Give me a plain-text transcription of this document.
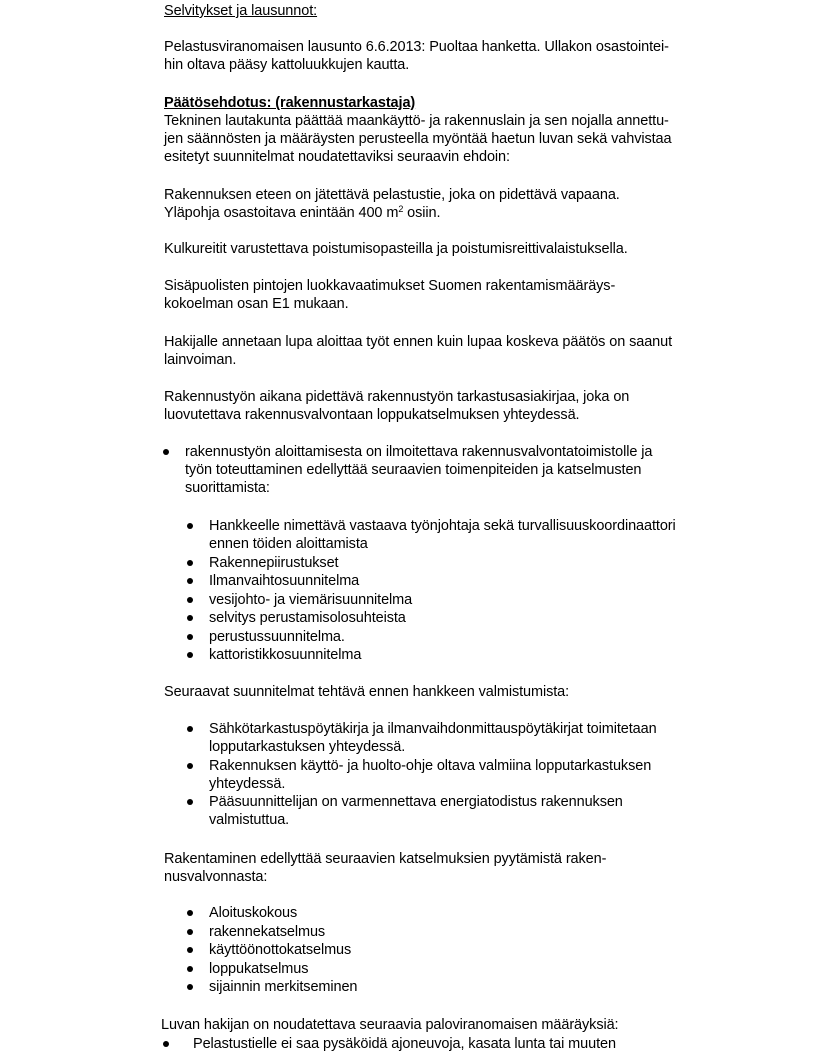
Selvitykset ja lausunnot:
Pelastusviranomaisen lausunto 6.6.2013: Puoltaa hanketta. Ullakon osastointei-
hin oltava pääsy kattoluukkujen kautta.
Päätösehdotus: (rakennustarkastaja)
Tekninen lautakunta päättää maankäyttö- ja rakennuslain ja sen nojalla annettu-
jen säännösten ja määräysten perusteella myöntää haetun luvan sekä vahvistaa
esitetyt suunnitelmat noudatettaviksi seuraavin ehdoin:
Rakennuksen eteen on jätettävä pelastustie, joka on pidettävä vapaana.
Yläpohja osastoitava enintään 400 $m^2$ osiin.
Kulkureitit varustettava poistumisopasteilla ja poistumisreittivalaistuksella.
Sisäpuolisten pintojen luokkavaatimukset Suomen rakentamismääräys-
kokoelman osan E1 mukaan.
Hakijalle annetaan lupa aloittaa työt ennen kuin lupaa koskeva päätös on saanut
lainvoiman.
Rakennustyön aikana pidettävä rakennustyön tarkastusasiakirjaa, joka on
luovutettava rakennusvalvontaan loppukatselmuksen yhteydessä.
rakennustyön aloittamisesta on ilmoitettava rakennusvalvontatoimistolle ja
työn toteuttaminen edellyttää seuraavien toimenpiteiden ja katselmusten
suorittamista:
Hankkeelle nimettävä vastaava työnjohtaja sekä turvallisuuskoordinaattori
ennen töiden aloittamista
Rakennepiirustukset
Ilmanvaihtosuunnitelma
vesijohto- ja viemärisuunnitelma
selvitys perustamisolosuhteista
perustussuunnitelma.
kattoristikkosuunnitelma
Seuraavat suunnitelmat tehtävä ennen hankkeen valmistumista:
Sähkötarkastuspöytäkirja ja ilmanvaihdonmittauspöytäkirjat toimitetaan
lopputarkastuksen yhteydessä.
Rakennuksen käyttö- ja huolto-ohje oltava valmiina lopputarkastuksen
yhteydessä.
Pääsuunnittelijan on varmennettava energiatodistus rakennuksen
valmistuttua.
Rakentaminen edellyttää seuraavien katselmuksien pyytämistä raken-
nusvalvonnasta:
Aloituskokous
rakennekatselmus
käyttöönottokatselmus
loppukatselmus
sijainnin merkitseminen
Luvan hakijan on noudatettava seuraavia paloviranomaisen määräyksiä:
Pelastustielle ei saa pysäköidä ajoneuvoja, kasata lunta tai muuten
